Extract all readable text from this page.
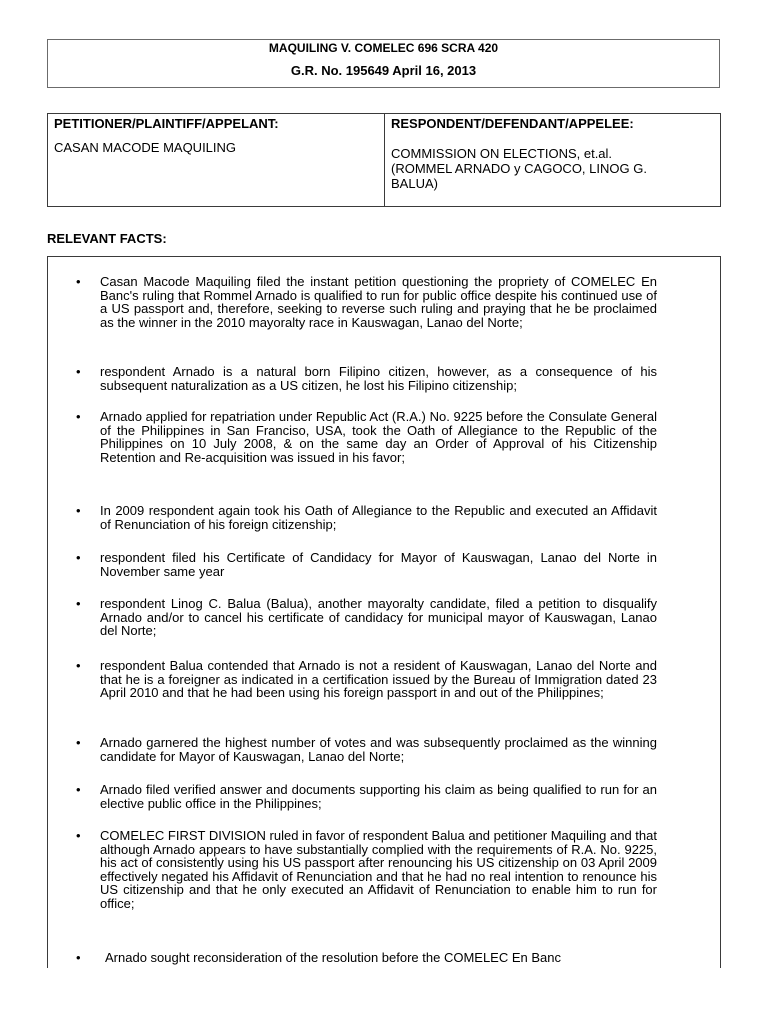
MAQUILING V. COMELEC 696 SCRA 420
G.R. No. 195649 April 16, 2013
PETITIONER/PLAINTIFF/APPELANT:
CASAN MACODE MAQUILING
RESPONDENT/DEFENDANT/APPELEE:
COMMISSION ON ELECTIONS, et.al.
(ROMMEL ARNADO y CAGOCO, LINOG G.
BALUA)
RELEVANT FACTS:
• Casan Macode Maquiling filed the instant petition questioning the propriety of COMELEC En Banc's ruling that Rommel Arnado is qualified to run for public office despite his continued use of a US passport and, therefore, seeking to reverse such ruling and praying that he be proclaimed as the winner in the 2010 mayoralty race in Kauswagan, Lanao del Norte;
• respondent Arnado is a natural born Filipino citizen, however, as a consequence of his subsequent naturalization as a US citizen, he lost his Filipino citizenship;
• Arnado applied for repatriation under Republic Act (R.A.) No. 9225 before the Consulate General of the Philippines in San Franciso, USA, took the Oath of Allegiance to the Republic of the Philippines on 10 July 2008, & on the same day an Order of Approval of his Citizenship Retention and Re-acquisition was issued in his favor;
• In 2009 respondent again took his Oath of Allegiance to the Republic and executed an Affidavit of Renunciation of his foreign citizenship;
• respondent filed his Certificate of Candidacy for Mayor of Kauswagan, Lanao del Norte in November same year
• respondent Linog C. Balua (Balua), another mayoralty candidate, filed a petition to disqualify Arnado and/or to cancel his certificate of candidacy for municipal mayor of Kauswagan, Lanao del Norte;
• respondent Balua contended that Arnado is not a resident of Kauswagan, Lanao del Norte and that he is a foreigner as indicated in a certification issued by the Bureau of Immigration dated 23 April 2010 and that he had been using his foreign passport in and out of the Philippines;
• Arnado garnered the highest number of votes and was subsequently proclaimed as the winning candidate for Mayor of Kauswagan, Lanao del Norte;
• Arnado filed verified answer and documents supporting his claim as being qualified to run for an elective public office in the Philippines;
• COMELEC FIRST DIVISION ruled in favor of respondent Balua and petitioner Maquiling and that although Arnado appears to have substantially complied with the requirements of R.A. No. 9225, his act of consistently using his US passport after renouncing his US citizenship on 03 April 2009 effectively negated his Affidavit of Renunciation and that he had no real intention to renounce his US citizenship and that he only executed an Affidavit of Renunciation to enable him to run for office;
• Arnado sought reconsideration of the resolution before the COMELEC En Banc
